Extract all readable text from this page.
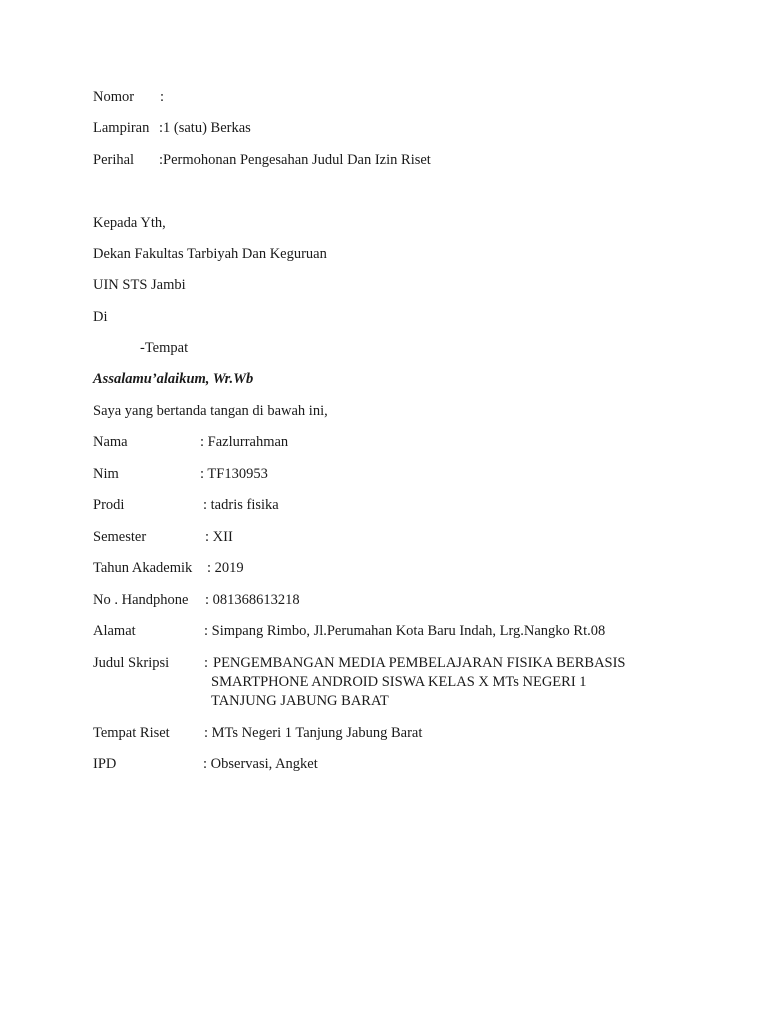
Nomor :
Lampiran :1 (satu) Berkas
Perihal :Permohonan Pengesahan Judul Dan Izin Riset
Kepada Yth,
Dekan Fakultas Tarbiyah Dan Keguruan
UIN STS Jambi
Di
-Tempat
Assalamu’alaikum, Wr.Wb
Saya yang bertanda tangan di bawah ini,
Nama	: Fazlurrahman
Nim	: TF130953
Prodi	: tadris fisika
Semester	: XII
Tahun Akademik : 2019
No . Handphone : 081368613218
Alamat	: Simpang Rimbo, Jl.Perumahan Kota Baru Indah, Lrg.Nangko Rt.08
Judul Skripsi : PENGEMBANGAN MEDIA PEMBELAJARAN FISIKA BERBASIS
SMARTPHONE ANDROID SISWA KELAS X MTs NEGERI 1
TANJUNG JABUNG BARAT
Tempat Riset : MTs Negeri 1 Tanjung Jabung Barat
IPD	: Observasi, Angket
